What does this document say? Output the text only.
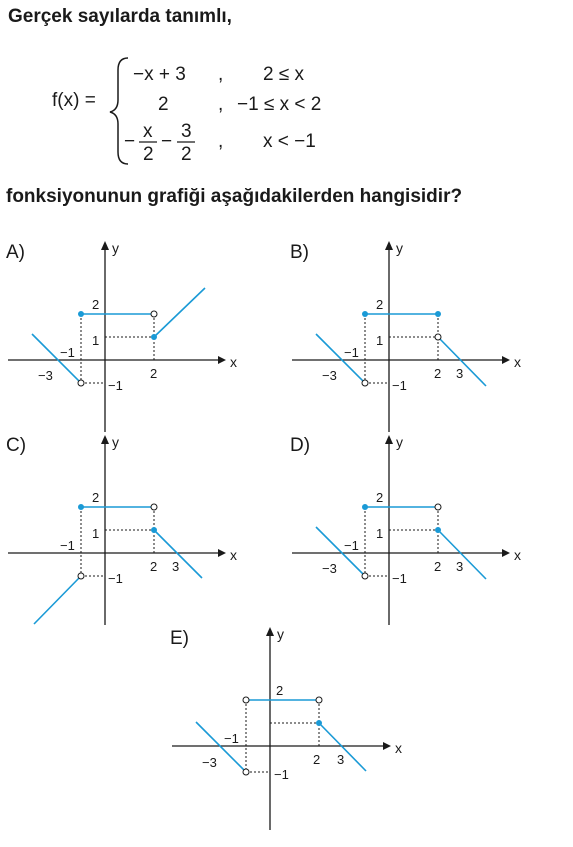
Gerçek sayılarda tanımlı,
f(x) =
−x + 3 , 2 ≤ x
2	, −1 ≤ x < 2
− x
2
− 3
2
, x < −1
x
y
2
1
−1
−3
−1
2
x
y
2
1
−1
−3
−1
2 3
x
y
2
1
−1
−1
2 3
x
y
2
1
−1
−3
−1
2 3
x
y
2
−1
−3
−1
2 3
fonksiyonunun grafiği aşağıdakilerden hangisidir?
A)	B)
C)	D)
E)
